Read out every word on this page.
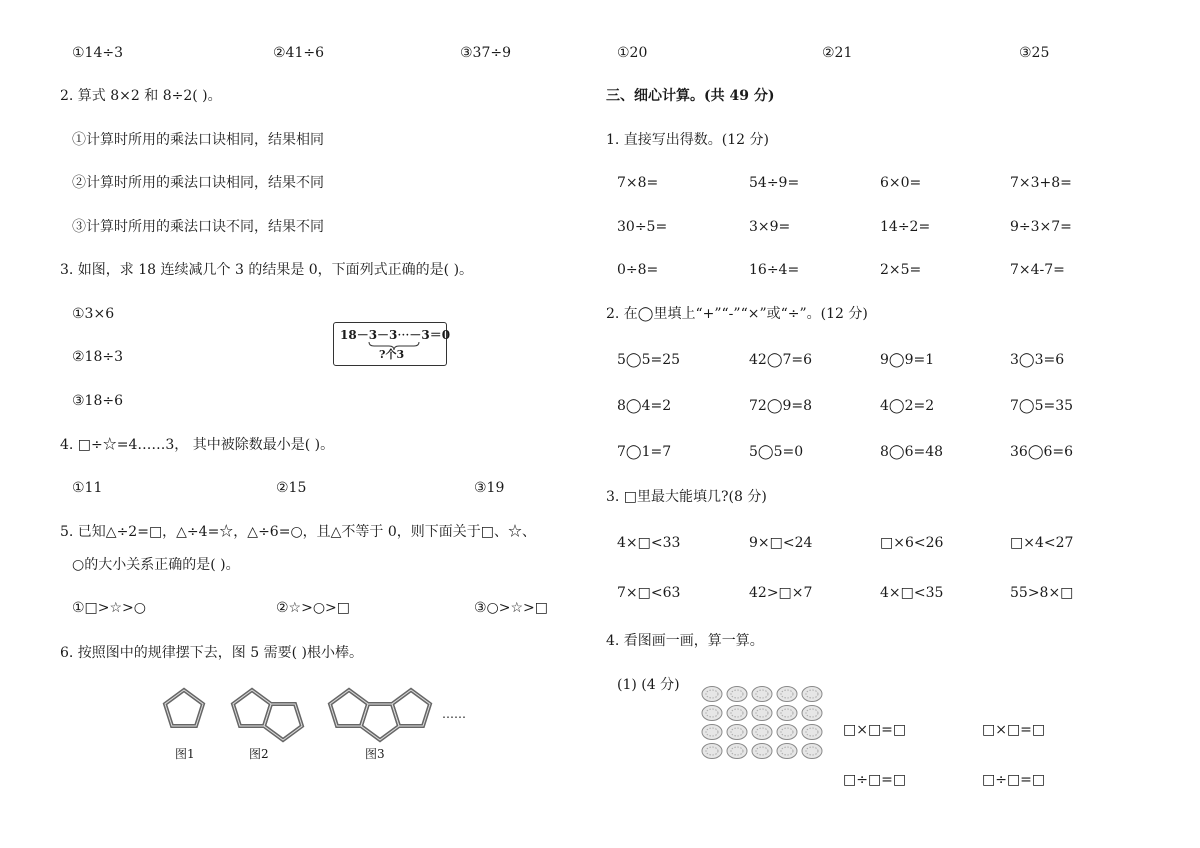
①14÷3	②41÷6	③37÷9
2. 算式 8×2 和 8÷2( )。
①计算时所用的乘法口诀相同，结果相同
②计算时所用的乘法口诀相同，结果不同
③计算时所用的乘法口诀不同，结果不同
3. 如图，求 18 连续减几个 3 的结果是 0，下面列式正确的是( )。
①3×6
②18÷3
③18÷6
18－3－3⋯－3＝0
?个3
4. □÷☆=4……3， 其中被除数最小是( )。
①11	②15	③19
5. 已知△÷2=□，△÷4=☆，△÷6=○，且△不等于 0，则下面关于□、☆、
○的大小关系正确的是( )。
①□>☆>○	②☆>○>□	③○>☆>□
6. 按照图中的规律摆下去，图 5 需要( )根小棒。
……
图1	图2	图3
①20	②21	③25
三、细心计算。(共 49 分)
1. 直接写出得数。(12 分)
7×8=	54÷9=	6×0=	7×3+8=
30÷5=	3×9=	14÷2=	9÷3×7=
0÷8=	16÷4=	2×5=	7×4-7=
2. 在◯里填上“+”“-”“×”或“÷”。(12 分)
5◯5=25	42◯7=6	9◯9=1	3◯3=6
8◯4=2	72◯9=8	4◯2=2	7◯5=35
7◯1=7	5◯5=0	8◯6=48	36◯6=6
3. □里最大能填几?(8 分)
4×□<33	9×□<24	□×6<26	□×4<27
7×□<63	42>□×7	4×□<35	55>8×□
4. 看图画一画，算一算。
(1) (4 分)
□×□=□	□×□=□
□÷□=□	□÷□=□
